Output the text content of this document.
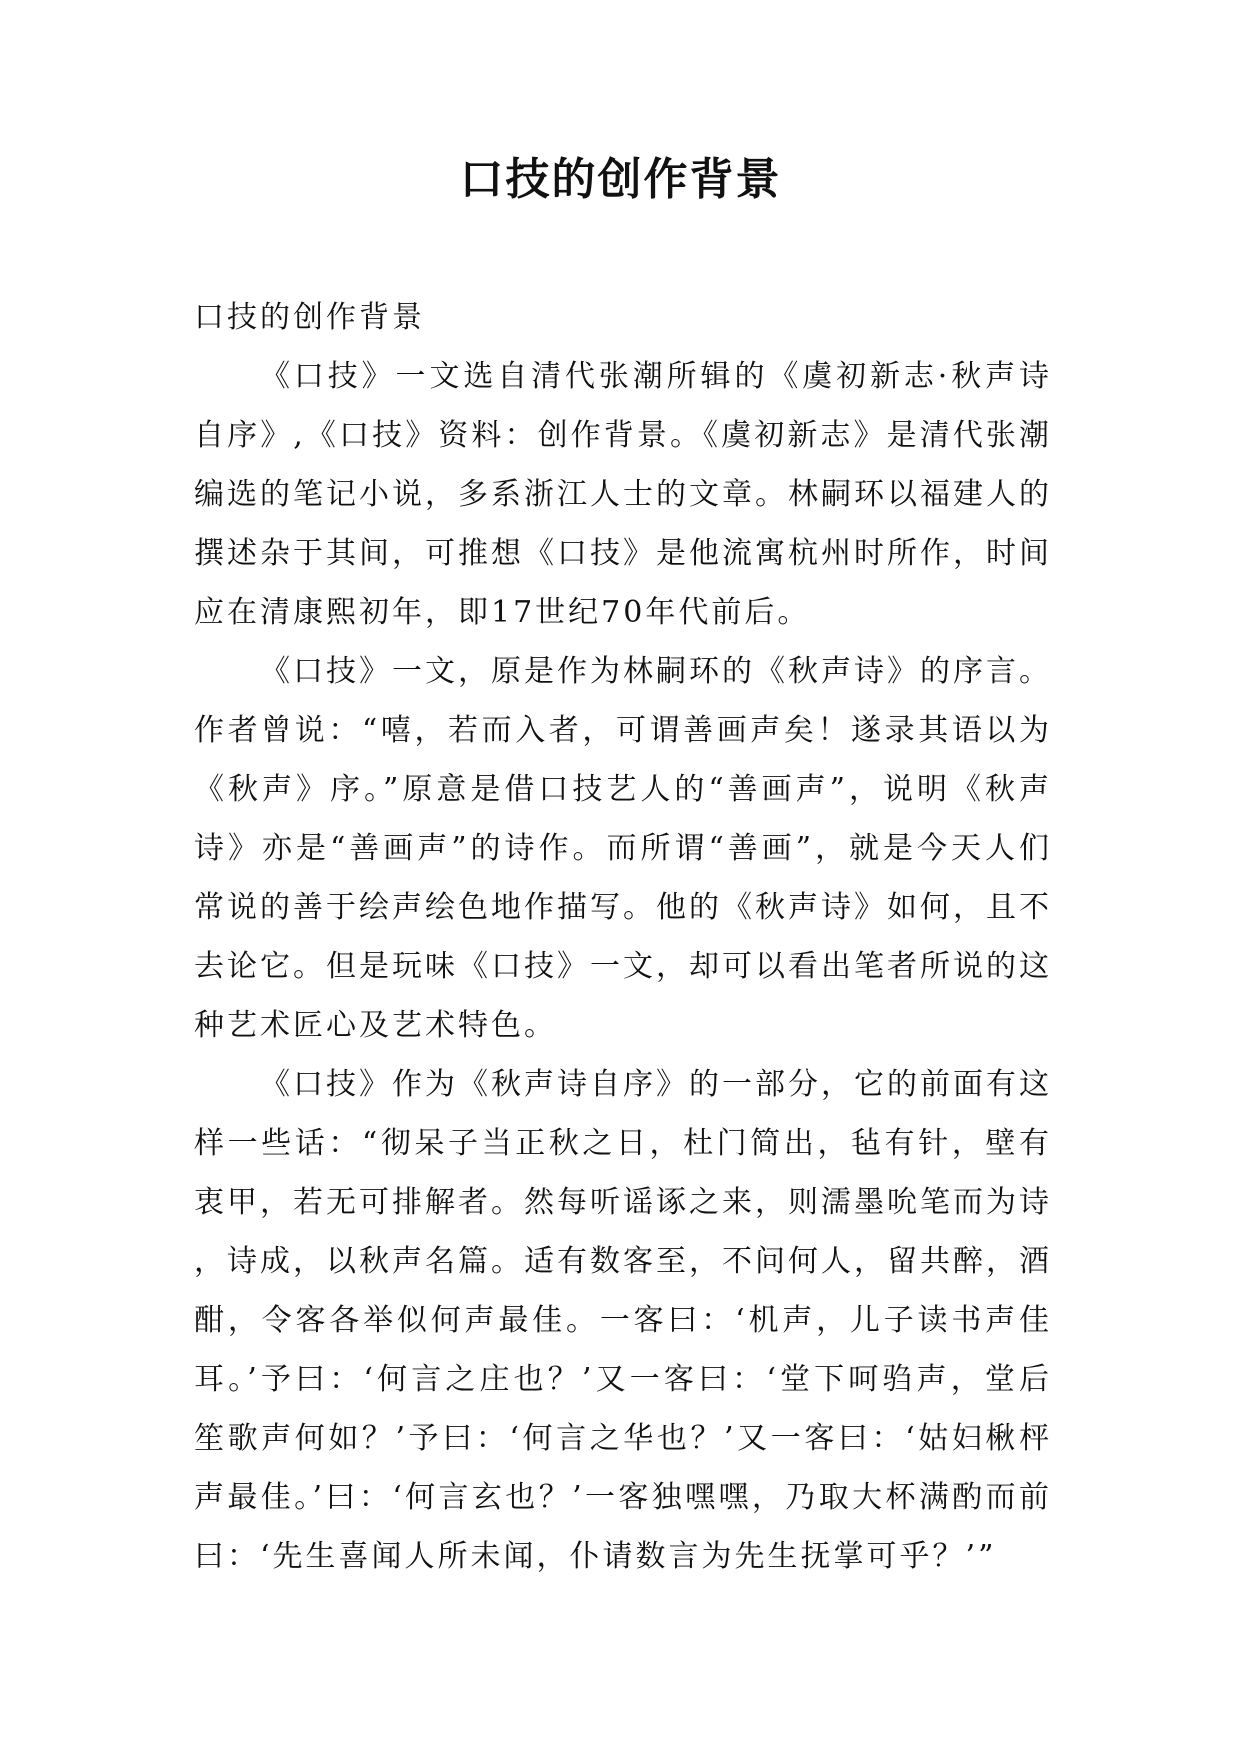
口技的创作背景

口技的创作背景

《口技》一文选自清代张潮所辑的《虞初新志·秋声诗自序》,《口技》资料：创作背景。《虞初新志》是清代张潮编选的笔记小说，多系浙江人士的文章。林嗣环以福建人的撰述杂于其间，可推想《口技》是他流寓杭州时所作，时间应在清康熙初年，即17世纪70年代前后。

《口技》一文，原是作为林嗣环的《秋声诗》的序言。作者曾说：“嘻，若而入者，可谓善画声矣！遂录其语以为《秋声》序。”原意是借口技艺人的“善画声”，说明《秋声诗》亦是“善画声”的诗作。而所谓“善画”，就是今天人们常说的善于绘声绘色地作描写。他的《秋声诗》如何，且不去论它。但是玩味《口技》一文，却可以看出笔者所说的这种艺术匠心及艺术特色。

《口技》作为《秋声诗自序》的一部分，它的前面有这样一些话：“彻呆子当正秋之日，杜门简出，毡有针，壁有衷甲，若无可排解者。然每听谣诼之来，则濡墨吮笔而为诗，诗成，以秋声名篇。适有数客至，不问何人，留共醉，酒酣，令客各举似何声最佳。一客曰：‘机声，儿子读书声佳耳。’予曰：‘何言之庄也？’又一客曰：‘堂下呵驺声，堂后笙歌声何如？’予曰：‘何言之华也？’又一客曰：‘姑妇楸枰声最佳。’曰：‘何言玄也？’一客独嘿嘿，乃取大杯满酌而前曰：‘先生喜闻人所未闻，仆请数言为先生抚掌可乎？’”
